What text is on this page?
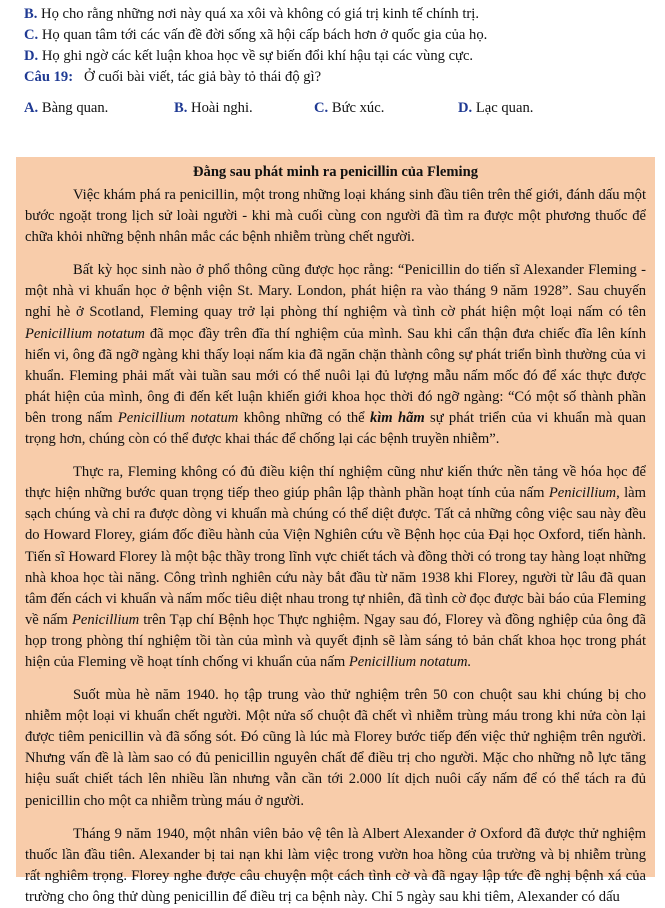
B. Họ cho rằng những nơi này quá xa xôi và không có giá trị kinh tế chính trị.
C. Họ quan tâm tới các vấn đề đời sống xã hội cấp bách hơn ở quốc gia của họ.
D. Họ ghi ngờ các kết luận khoa học về sự biến đổi khí hậu tại các vùng cực.
Câu 19: Ở cuối bài viết, tác giả bày tỏ thái độ gì?
A. Bàng quan.	B. Hoài nghi.	C. Bức xúc.	D. Lạc quan.
Đằng sau phát minh ra penicillin của Fleming

Việc khám phá ra penicillin, một trong những loại kháng sinh đầu tiên trên thế giới, đánh dấu một bước ngoặt trong lịch sử loài người - khi mà cuối cùng con người đã tìm ra được một phương thuốc để chữa khỏi những bệnh nhân mắc các bệnh nhiễm trùng chết người.

Bất kỳ học sinh nào ở phổ thông cũng được học rằng: “Penicillin do tiến sĩ Alexander Fleming - một nhà vi khuẩn học ở bệnh viện St. Mary. London, phát hiện ra vào tháng 9 năm 1928”. Sau chuyến nghỉ hè ở Scotland, Fleming quay trở lại phòng thí nghiệm và tình cờ phát hiện một loại nấm có tên Penicillium notatum đã mọc đầy trên đĩa thí nghiệm của mình. Sau khi cẩn thận đưa chiếc đĩa lên kính hiển vi, ông đã ngỡ ngàng khi thấy loại nấm kia đã ngăn chặn thành công sự phát triển bình thường của vi khuẩn. Fleming phải mất vài tuần sau mới có thể nuôi lại đủ lượng mẫu nấm mốc đó để xác thực được phát hiện của mình, ông đi đến kết luận khiến giới khoa học thời đó ngỡ ngàng: “Có một số thành phần bên trong nấm Penicillium notatum không những có thể kìm hãm sự phát triển của vi khuẩn mà quan trọng hơn, chúng còn có thể được khai thác để chống lại các bệnh truyền nhiễm”.

Thực ra, Fleming không có đủ điều kiện thí nghiệm cũng như kiến thức nền tảng về hóa học để thực hiện những bước quan trọng tiếp theo giúp phân lập thành phần hoạt tính của nấm Penicillium, làm sạch chúng và chỉ ra được dòng vi khuẩn mà chúng có thể diệt được. Tất cả những công việc sau này đều do Howard Florey, giám đốc điều hành của Viện Nghiên cứu về Bệnh học của Đại học Oxford, tiến hành. Tiến sĩ Howard Florey là một bậc thầy trong lĩnh vực chiết tách và đồng thời có trong tay hàng loạt những nhà khoa học tài năng. Công trình nghiên cứu này bắt đầu từ năm 1938 khi Florey, người từ lâu đã quan tâm đến cách vi khuẩn và nấm mốc tiêu diệt nhau trong tự nhiên, đã tình cờ đọc được bài báo của Fleming về nấm Penicillium trên Tạp chí Bệnh học Thực nghiệm. Ngay sau đó, Florey và đồng nghiệp của ông đã họp trong phòng thí nghiệm tồi tàn của mình và quyết định sẽ làm sáng tỏ bản chất khoa học trong phát hiện của Fleming về hoạt tính chống vi khuẩn của nấm Penicillium notatum.

Suốt mùa hè năm 1940. họ tập trung vào thử nghiệm trên 50 con chuột sau khi chúng bị cho nhiễm một loại vi khuẩn chết người. Một nửa số chuột đã chết vì nhiễm trùng máu trong khi nửa còn lại được tiêm penicillin và đã sống sót. Đó cũng là lúc mà Florey bước tiếp đến việc thử nghiệm trên người. Nhưng vấn đề là làm sao có đủ penicillin nguyên chất để điều trị cho người. Mặc cho những nỗ lực tăng hiệu suất chiết tách lên nhiều lần nhưng vẫn cần tới 2.000 lít dịch nuôi cấy nấm để có thể tách ra đủ penicillin cho một ca nhiễm trùng máu ở người.

Tháng 9 năm 1940, một nhân viên bảo vệ tên là Albert Alexander ở Oxford đã được thử nghiệm thuốc lần đầu tiên. Alexander bị tai nạn khi làm việc trong vườn hoa hồng của trường và bị nhiễm trùng rất nghiêm trọng. Florey nghe được câu chuyện một cách tình cờ và đã ngay lập tức đề nghị bệnh xá của trường cho ông thử dùng penicillin để điều trị ca bệnh này. Chỉ 5 ngày sau khi tiêm, Alexander có dấu
